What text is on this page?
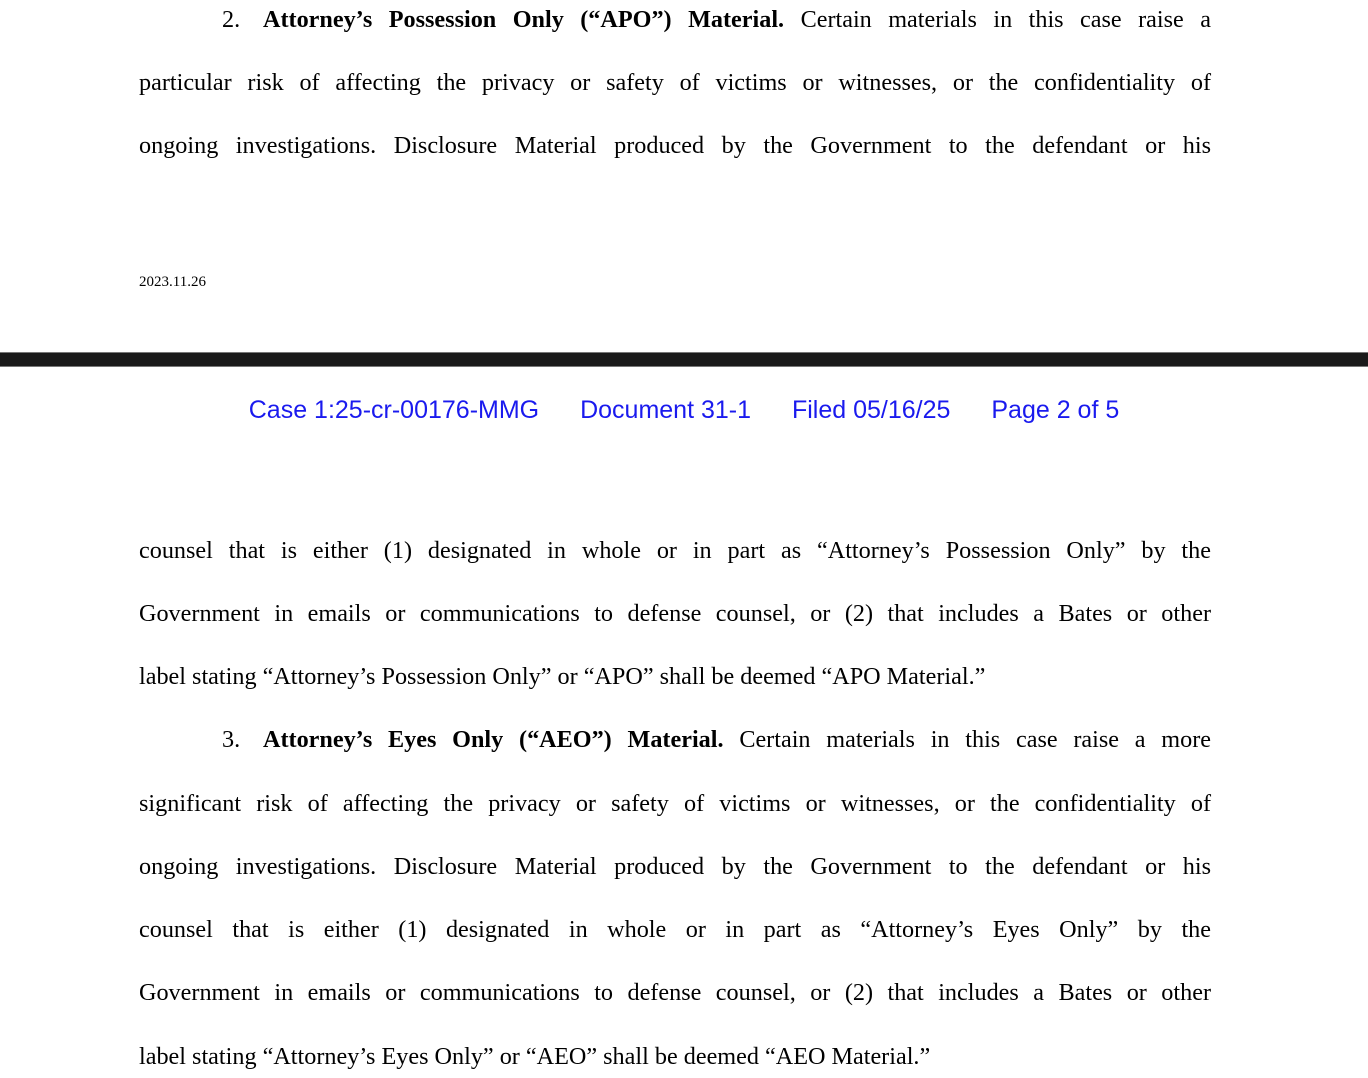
2. Attorney’s Possession Only (“APO”) Material. Certain materials in this case raise a
particular risk of affecting the privacy or safety of victims or witnesses, or the confidentiality of
ongoing investigations. Disclosure Material produced by the Government to the defendant or his
2023.11.26
Case 1:25-cr-00176-MMG Document 31-1 Filed 05/16/25 Page 2 of 5
counsel that is either (1) designated in whole or in part as “Attorney’s Possession Only” by the
Government in emails or communications to defense counsel, or (2) that includes a Bates or other
label stating “Attorney’s Possession Only” or “APO” shall be deemed “APO Material.”
3. Attorney’s Eyes Only (“AEO”) Material. Certain materials in this case raise a more
significant risk of affecting the privacy or safety of victims or witnesses, or the confidentiality of
ongoing investigations. Disclosure Material produced by the Government to the defendant or his
counsel that is either (1) designated in whole or in part as “Attorney’s Eyes Only” by the
Government in emails or communications to defense counsel, or (2) that includes a Bates or other
label stating “Attorney’s Eyes Only” or “AEO” shall be deemed “AEO Material.”
